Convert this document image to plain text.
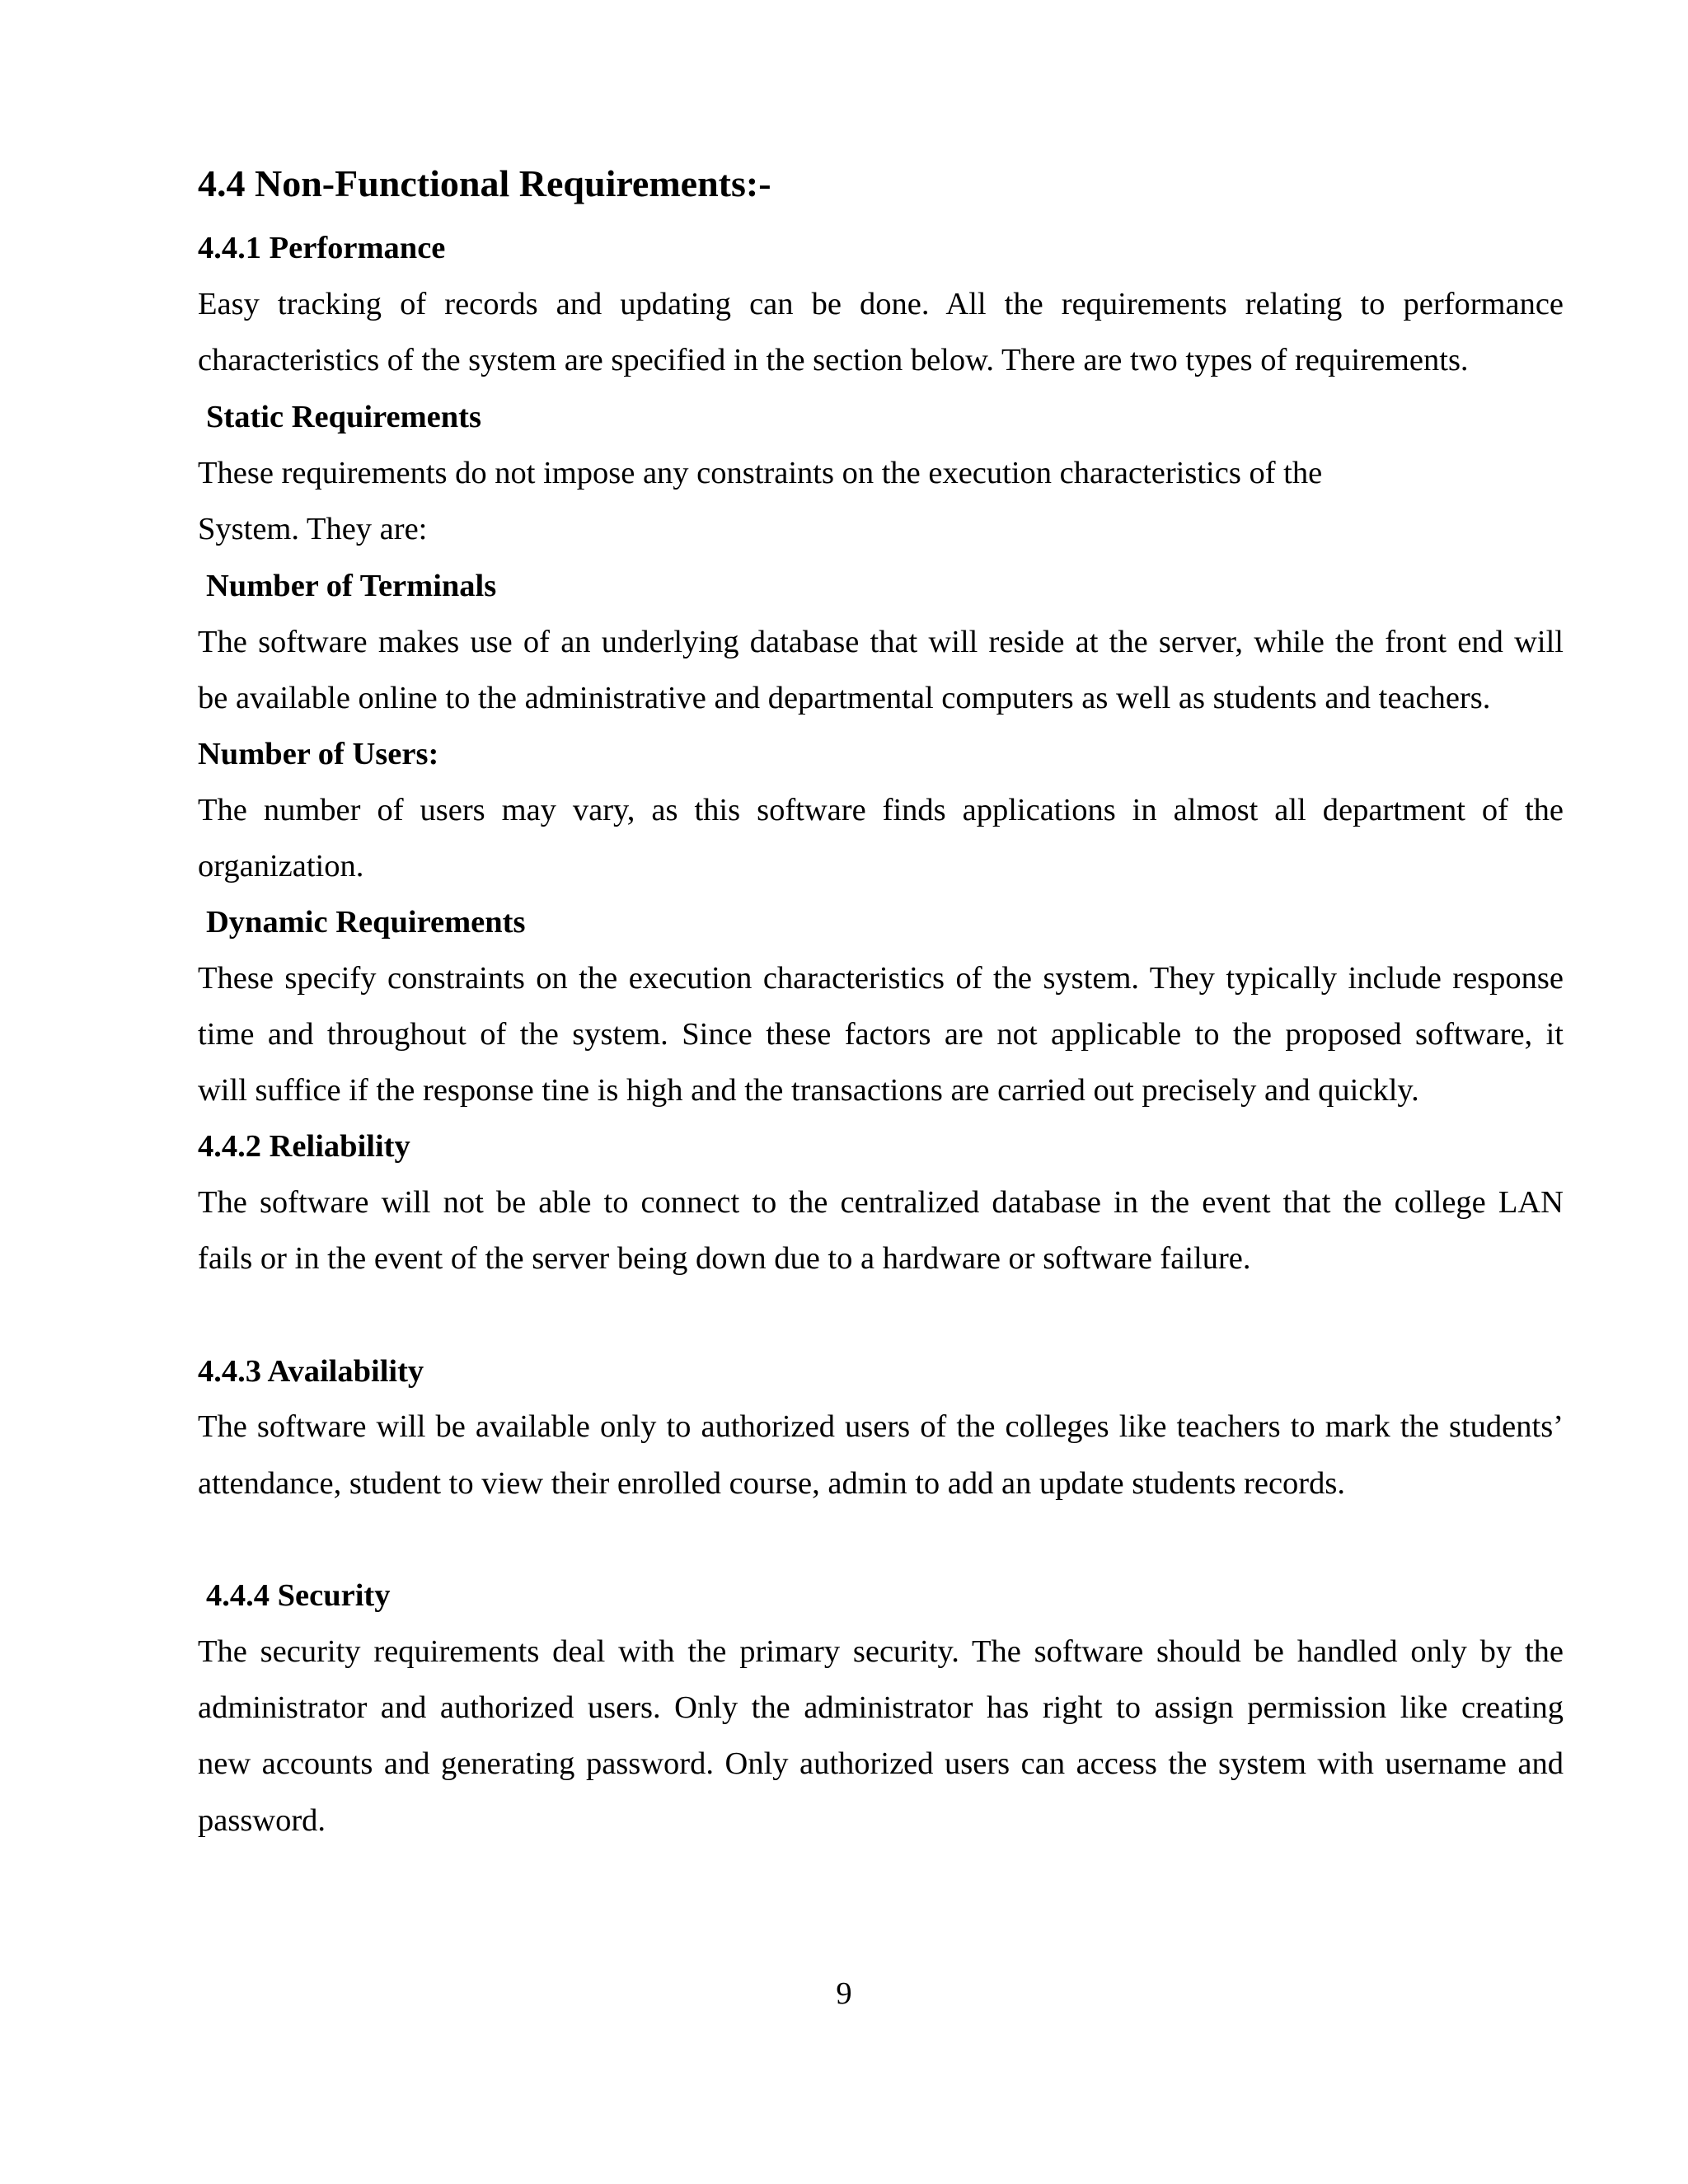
4.4 Non-Functional Requirements:-
4.4.1 Performance
Easy tracking of records and updating can be done. All the requirements relating to performance
characteristics of the system are specified in the section below. There are two types of requirements.
Static Requirements
These requirements do not impose any constraints on the execution characteristics of the
System. They are:
Number of Terminals
The software makes use of an underlying database that will reside at the server, while the front end will
be available online to the administrative and departmental computers as well as students and teachers.
Number of Users:
The number of users may vary, as this software finds applications in almost all department of the
organization.
Dynamic Requirements
These specify constraints on the execution characteristics of the system. They typically include response
time and throughout of the system. Since these factors are not applicable to the proposed software, it
will suffice if the response tine is high and the transactions are carried out precisely and quickly.
4.4.2 Reliability
The software will not be able to connect to the centralized database in the event that the college LAN
fails or in the event of the server being down due to a hardware or software failure.
4.4.3 Availability
The software will be available only to authorized users of the colleges like teachers to mark the students’
attendance, student to view their enrolled course, admin to add an update students records.
4.4.4 Security
The security requirements deal with the primary security. The software should be handled only by the
administrator and authorized users. Only the administrator has right to assign permission like creating
new accounts and generating password. Only authorized users can access the system with username and
password.
9
